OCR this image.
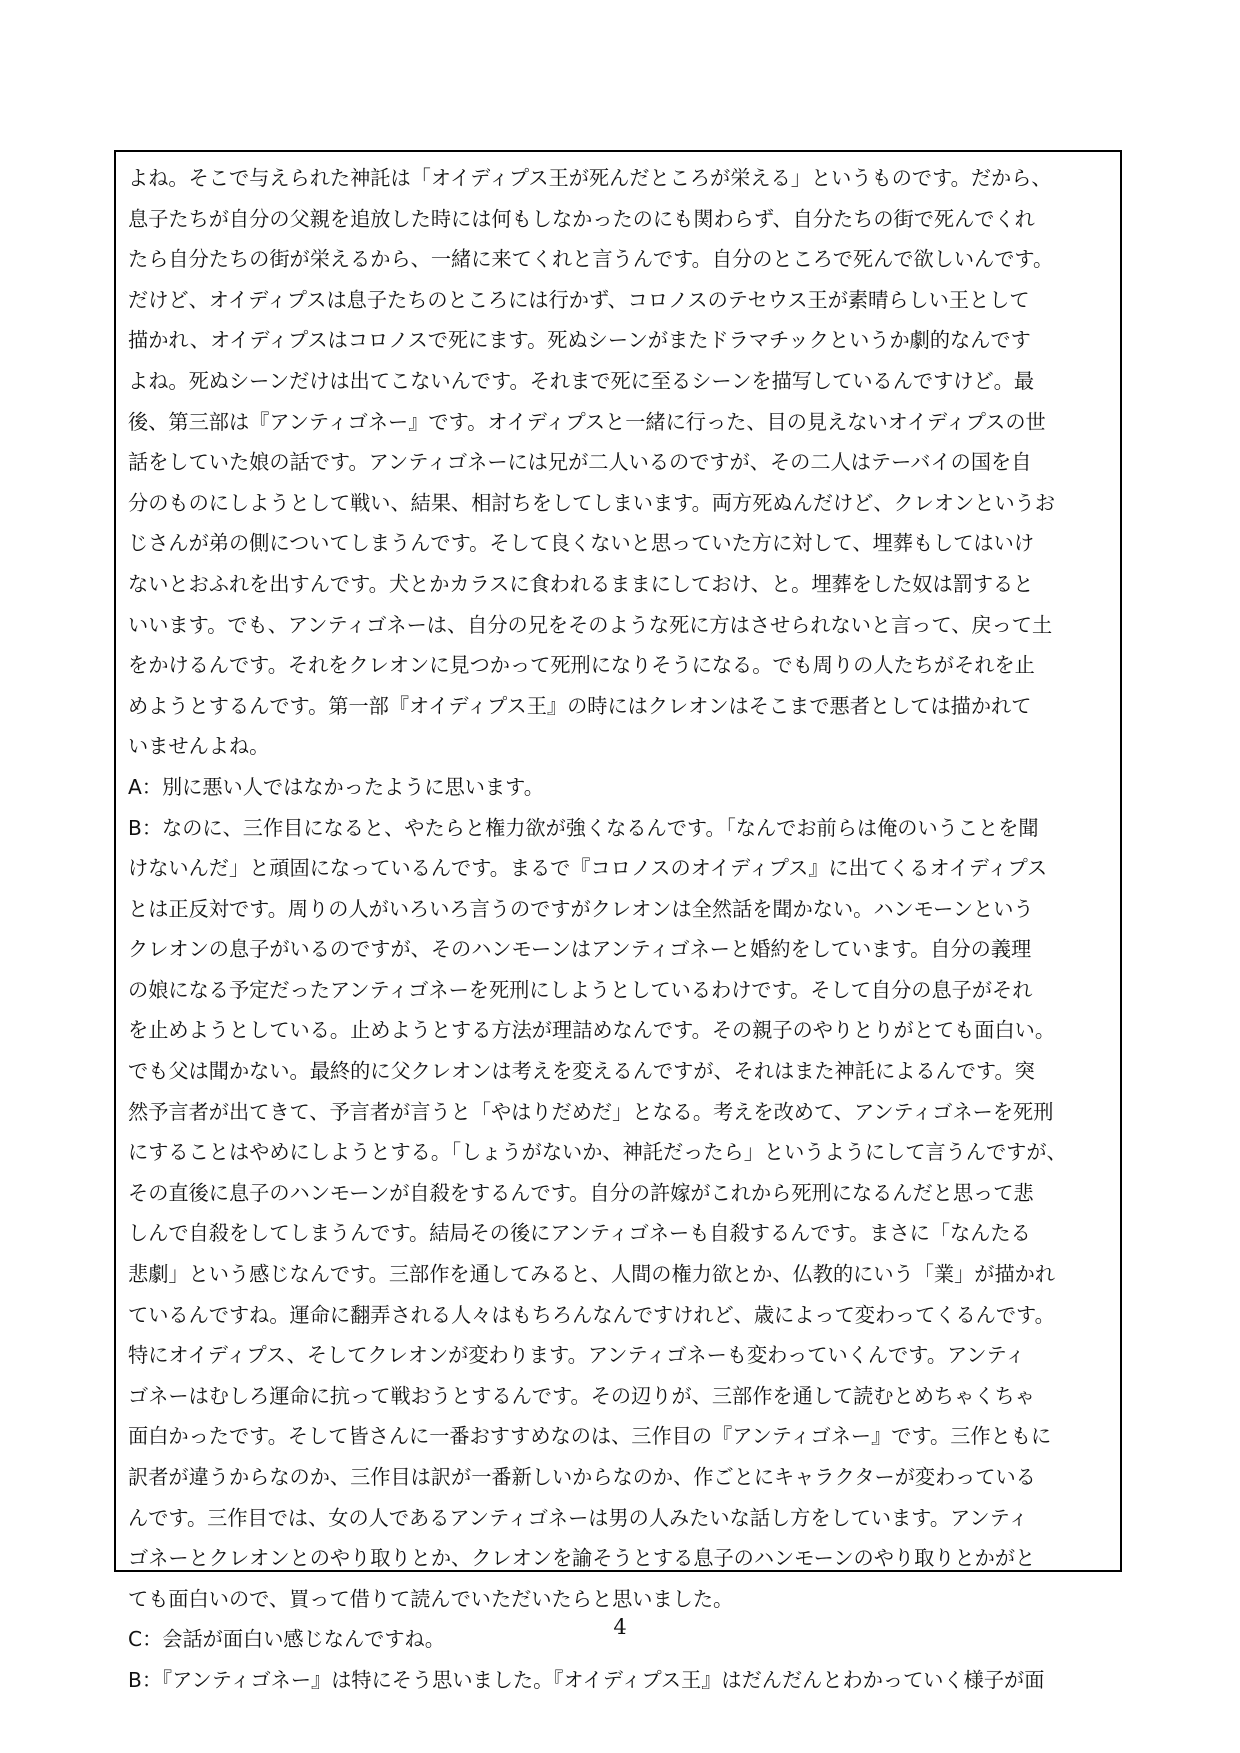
よね。そこで与えられた神託は「オイディプス王が死んだところが栄える」というものです。だから、
息子たちが自分の父親を追放した時には何もしなかったのにも関わらず、自分たちの街で死んでくれ
たら自分たちの街が栄えるから、一緒に来てくれと言うんです。自分のところで死んで欲しいんです。
だけど、オイディプスは息子たちのところには行かず、コロノスのテセウス王が素晴らしい王として
描かれ、オイディプスはコロノスで死にます。死ぬシーンがまたドラマチックというか劇的なんです
よね。死ぬシーンだけは出てこないんです。それまで死に至るシーンを描写しているんですけど。最
後、第三部は『アンティゴネー』です。オイディプスと一緒に行った、目の見えないオイディプスの世
話をしていた娘の話です。アンティゴネーには兄が二人いるのですが、その二人はテーバイの国を自
分のものにしようとして戦い、結果、相討ちをしてしまいます。両方死ぬんだけど、クレオンというお
じさんが弟の側についてしまうんです。そして良くないと思っていた方に対して、埋葬もしてはいけ
ないとおふれを出すんです。犬とかカラスに食われるままにしておけ、と。埋葬をした奴は罰すると
いいます。でも、アンティゴネーは、自分の兄をそのような死に方はさせられないと言って、戻って土
をかけるんです。それをクレオンに見つかって死刑になりそうになる。でも周りの人たちがそれを止
めようとするんです。第一部『オイディプス王』の時にはクレオンはそこまで悪者としては描かれて
いませんよね。
A：別に悪い人ではなかったように思います。
B：なのに、三作目になると、やたらと権力欲が強くなるんです。「なんでお前らは俺のいうことを聞
けないんだ」と頑固になっているんです。まるで『コロノスのオイディプス』に出てくるオイディプス
とは正反対です。周りの人がいろいろ言うのですがクレオンは全然話を聞かない。ハンモーンという
クレオンの息子がいるのですが、そのハンモーンはアンティゴネーと婚約をしています。自分の義理
の娘になる予定だったアンティゴネーを死刑にしようとしているわけです。そして自分の息子がそれ
を止めようとしている。止めようとする方法が理詰めなんです。その親子のやりとりがとても面白い。
でも父は聞かない。最終的に父クレオンは考えを変えるんですが、それはまた神託によるんです。突
然予言者が出てきて、予言者が言うと「やはりだめだ」となる。考えを改めて、アンティゴネーを死刑
にすることはやめにしようとする。「しょうがないか、神託だったら」というようにして言うんですが、
その直後に息子のハンモーンが自殺をするんです。自分の許嫁がこれから死刑になるんだと思って悲
しんで自殺をしてしまうんです。結局その後にアンティゴネーも自殺するんです。まさに「なんたる
悲劇」という感じなんです。三部作を通してみると、人間の権力欲とか、仏教的にいう「業」が描かれ
ているんですね。運命に翻弄される人々はもちろんなんですけれど、歳によって変わってくるんです。
特にオイディプス、そしてクレオンが変わります。アンティゴネーも変わっていくんです。アンティ
ゴネーはむしろ運命に抗って戦おうとするんです。その辺りが、三部作を通して読むとめちゃくちゃ
面白かったです。そして皆さんに一番おすすめなのは、三作目の『アンティゴネー』です。三作ともに
訳者が違うからなのか、三作目は訳が一番新しいからなのか、作ごとにキャラクターが変わっている
んです。三作目では、女の人であるアンティゴネーは男の人みたいな話し方をしています。アンティ
ゴネーとクレオンとのやり取りとか、クレオンを諭そうとする息子のハンモーンのやり取りとかがと
ても面白いので、買って借りて読んでいただいたらと思いました。
C：会話が面白い感じなんですね。
B：『アンティゴネー』は特にそう思いました。『オイディプス王』はだんだんとわかっていく様子が面
4
